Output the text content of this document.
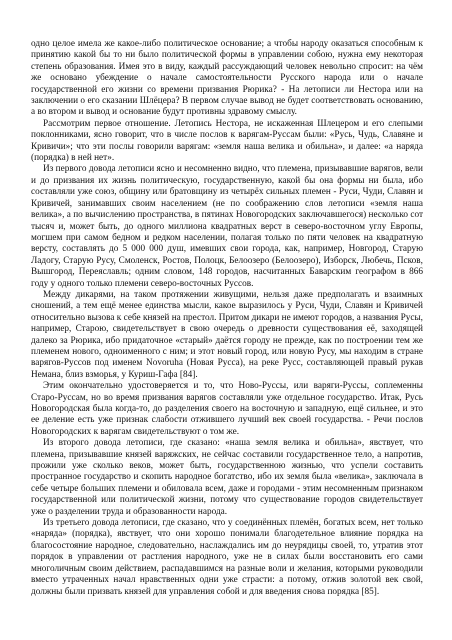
одно целое имела же какое-либо политическое основание; а чтобы народу оказаться способным к принятию какой бы то ни было политической формы в управлении собою, нужна ему некоторая степень образования. Имея это в виду, каждый рассуждающий человек невольно спросит: на чём же основано убеждение о начале самостоятельности Русского народа или о начале государственной его жизни со времени призвания Рюрика? - На летописи ли Нестора или на заключении о его сказании Шлёцера? В первом случае вывод не будет соответствовать основанию, а во втором и вывод и основание будут противны здравому смыслу.

Рассмотрим первое отношение. Летопись Нестора, не искаженная Шлецером и его слепыми поклонниками, ясно говорит, что в числе послов к варягам-Руссам были: «Русь, Чудь, Славяне и Кривичи»; что эти послы говорили варягам: «земля наша велика и обильна», и далее: «а наряда (порядка) в ней нет».

Из первого довода летописи ясно и несомненно видно, что племена, призывавшие варягов, вели и до призвания их жизнь политическую, государственную, какой бы она формы ни была, ибо составляли уже союз, общину или братовщину из четырёх сильных племен - Руси, Чуди, Славян и Кривичей, занимавших своим населением (не по соображению слов летописи «земля наша велика», а по вычислению пространства, в пятинах Новогородских заключавшегося) несколько сот тысяч и, может быть, до одного миллиона квадратных верст в северо-восточном углу Европы, могшем при самом бедном и редком населении, полагая только по пяти человек на квадратную версту, составлять до 5 000 000 душ, имевших свои города, как, например, Новгород, Старую Ладогу, Старую Русу, Смоленск, Ростов, Полоцк, Белоозеро (Белоозеро), Изборск, Любечь, Псков, Вышгород, Переяславль; одним словом, 148 городов, насчитанных Баварским географом в 866 году у одного только племени северо-восточных Руссов.

Между дикарями, на таком протяжении живущими, нельзя даже предполагать и взаимных сношений, а тем ещё менее единства мысли, какое выразилось у Руси, Чуди, Славян и Кривичей относительно вызова к себе князей на престол. Притом дикари не имеют городов, а названия Русы, например, Старою, свидетельствует в свою очередь о древности существования её, заходящей далеко за Рюрика, ибо придаточное «старый» даётся городу не прежде, как по построении тем же племенем нового, одноименного с ним; и этот новый город, или новую Русу, мы находим в стране варягов-Руссов под именем Novoruha (Новая Русса), на реке Русс, составляющей правый рукав Немана, близ взморья, у Куриш-Гафа [84].

Этим окончательно удостоверяется и то, что Ново-Руссы, или варяги-Руссы, соплеменны Старо-Руссам, но во время призвания варягов составляли уже отдельное государство. Итак, Русь Новогородская была когда-то, до разделения своего на восточную и западную, ещё сильнее, и это ее деление есть уже признак слабости отжившего лучший век своей государства. - Речи послов Новогородских к варягам свидетельствуют о том же.

Из второго довода летописи, где сказано: «наша земля велика и обильна», явствует, что племена, призывавшие князей варяжских, не сейчас составили государственное тело, а напротив, прожили уже сколько веков, может быть, государственною жизнью, что успели составить пространное государство и скопить народное богатство, ибо их земля была «велика», заключала в себе четыре больших племени и обиловала всем, даже и городами - этим несомненным признаком государственной или политической жизни, потому что существование городов свидетельствует уже о разделении труда и образованности народа.

Из третьего довода летописи, где сказано, что у соединённых племён, богатых всем, нет только «наряда» (порядка), явствует, что они хорошо понимали благодетельное влияние порядка на благосостояние народное, следовательно, наслаждались им до неурядицы своей, то, утратив этот порядок в управлении от растления народного, уже не в силах были восстановить его сами многоличным своим действием, распадавшимся на разные воли и желания, которыми руководили вместо утраченных начал нравственных одни уже страсти: а потому, отжив золотой век свой, должны были призвать князей для управления собой и для введения снова порядка [85].
